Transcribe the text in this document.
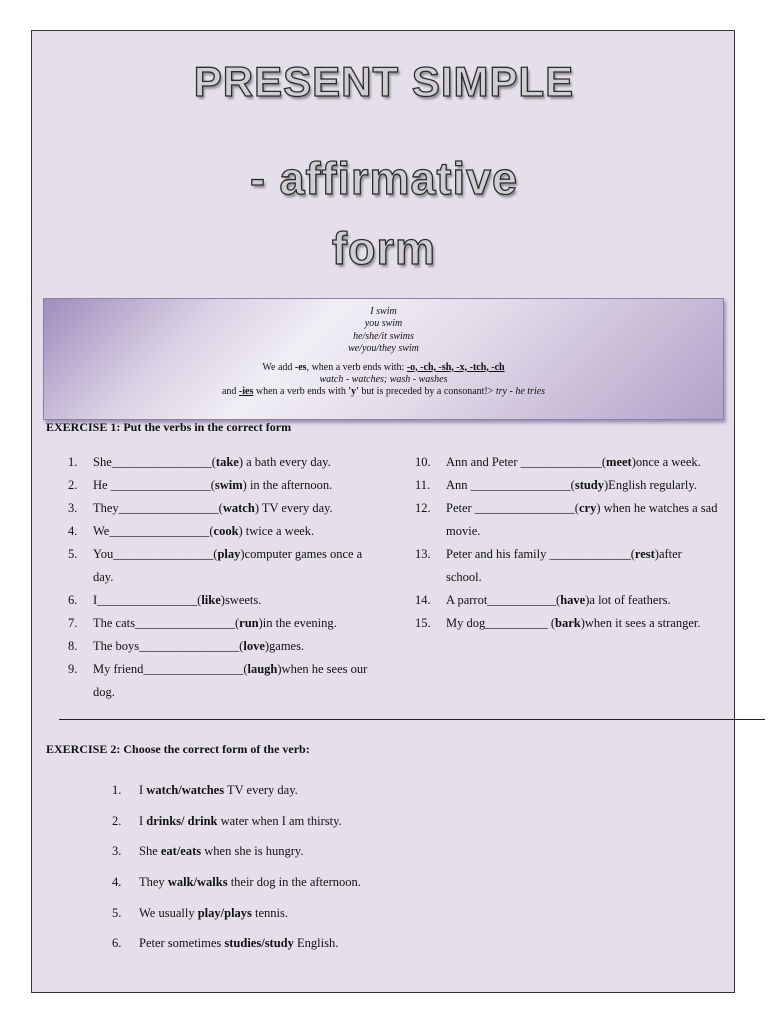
PRESENT SIMPLE
- affirmative
form
I swim
you swim
he/she/it swims
we/you/they swim
We add -es, when a verb ends with: -o, -ch, -sh, -x, -tch, -ch
watch - watches; wash - washes
and -ies when a verb ends with 'y' but is preceded by a consonant!> try - he tries
EXERCISE 1: Put the verbs in the correct form
1.	She________________(take) a bath every day.
2.	He ________________(swim) in the afternoon.
3.	They________________(watch) TV every day.
4.	We________________(cook) twice a week.
5.	You________________(play)computer games once a day.
6.	I________________(like)sweets.
7.	The cats________________(run)in the evening.
8.	The boys________________(love)games.
9.	My friend________________(laugh)when he sees our dog.
10.	Ann and Peter _____________(meet)once a week.
11.	Ann ________________(study)English regularly.
12.	Peter ________________(cry) when he watches a sad movie.
13.	Peter and his family _____________(rest)after school.
14.	A parrot___________(have)a lot of feathers.
15.	My dog__________ (bark)when it sees a stranger.
EXERCISE 2: Choose the correct form of the verb:
1.	I watch/watches TV every day.
2.	I drinks/ drink water when I am thirsty.
3.	She eat/eats when she is hungry.
4.	They walk/walks their dog in the afternoon.
5.	We usually play/plays tennis.
6.	Peter sometimes studies/study English.
